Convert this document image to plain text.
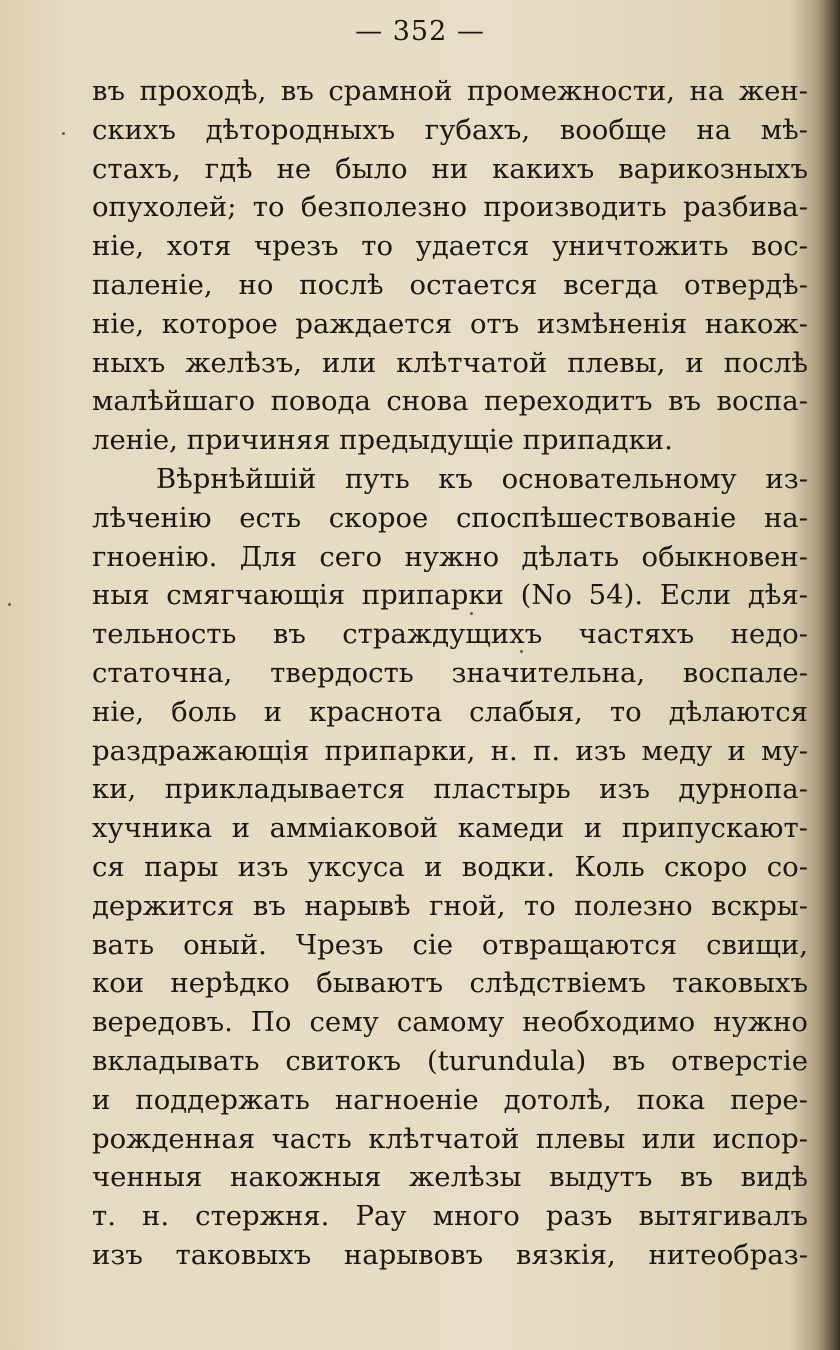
— 352 —
въ проходѣ, въ срамной промежности, на жен-
скихъ дѣтородныхъ губахъ, вообще на мѣ-
стахъ, гдѣ не было ни какихъ варикозныхъ
опухолей; то безполезно производить разбива-
ніе, хотя чрезъ то удается уничтожить вос-
паленіе, но послѣ остается всегда отвердѣ-
ніе, которое раждается отъ измѣненія накож-
ныхъ желѣзъ, или клѣтчатой плевы, и послѣ
малѣйшаго повода снова переходитъ въ воспа-
леніе, причиняя предыдущіе припадки.
Вѣрнѣйшій путь къ основательному из-
лѣченію есть скорое споспѣшествованіе на-
гноенію. Для сего нужно дѣлать обыкновен-
ныя смягчающія припарки (No 54). Если дѣя-
тельность въ страждущихъ частяхъ недо-
статочна, твердость значительна, воспале-
ніе, боль и краснота слабыя, то дѣлаются
раздражающія припарки, н. п. изъ меду и му-
ки, прикладывается пластырь изъ дурнопа-
хучника и амміаковой камеди и припускают-
ся пары изъ уксуса и водки. Коль скоро со-
держится въ нарывѣ гной, то полезно вскры-
вать оный. Чрезъ сіе отвращаются свищи,
кои нерѣдко бываютъ слѣдствіемъ таковыхъ
вередовъ. По сему самому необходимо нужно
вкладывать свитокъ (turundula) въ отверстіе
и поддержать нагноеніе дотолѣ, пока пере-
рожденная часть клѣтчатой плевы или испор-
ченныя накожныя желѣзы выдутъ въ видѣ
т. н. стержня. Рау много разъ вытягивалъ
изъ таковыхъ нарывовъ вязкія, нитеобраз-
